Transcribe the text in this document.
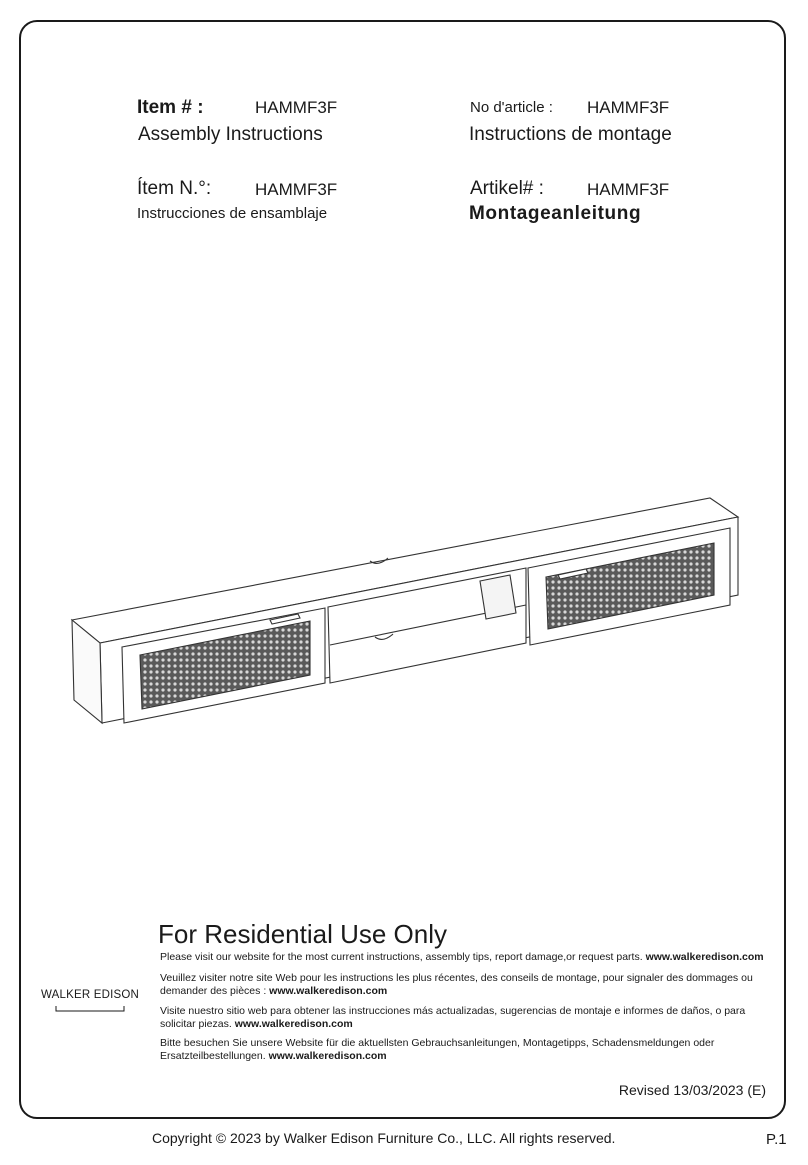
Item # :	HAMMF3F
Assembly Instructions
No d'article : HAMMF3F
Instructions de montage
Ítem N.°:	HAMMF3F
Instrucciones de ensamblaje
Artikel# :	HAMMF3F
Montageanleitung
For Residential Use Only
Please visit our website for the most current instructions, assembly tips, report damage,or request parts. www.walkeredison.com
Veuillez visiter notre site Web pour les instructions les plus récentes, des conseils de montage, pour signaler des dommages ou demander des pièces : www.walkeredison.com
Visite nuestro sitio web para obtener las instrucciones más actualizadas, sugerencias de montaje e informes de daños, o para solicitar piezas. www.walkeredison.com
Bitte besuchen Sie unsere Website für die aktuellsten Gebrauchsanleitungen, Montagetipps, Schadensmeldungen oder Ersatzteilbestellungen. www.walkeredison.com
WALKER EDISON
Revised 13/03/2023 (E)
Copyright © 2023 by Walker Edison Furniture Co., LLC. All rights reserved.	P.1
